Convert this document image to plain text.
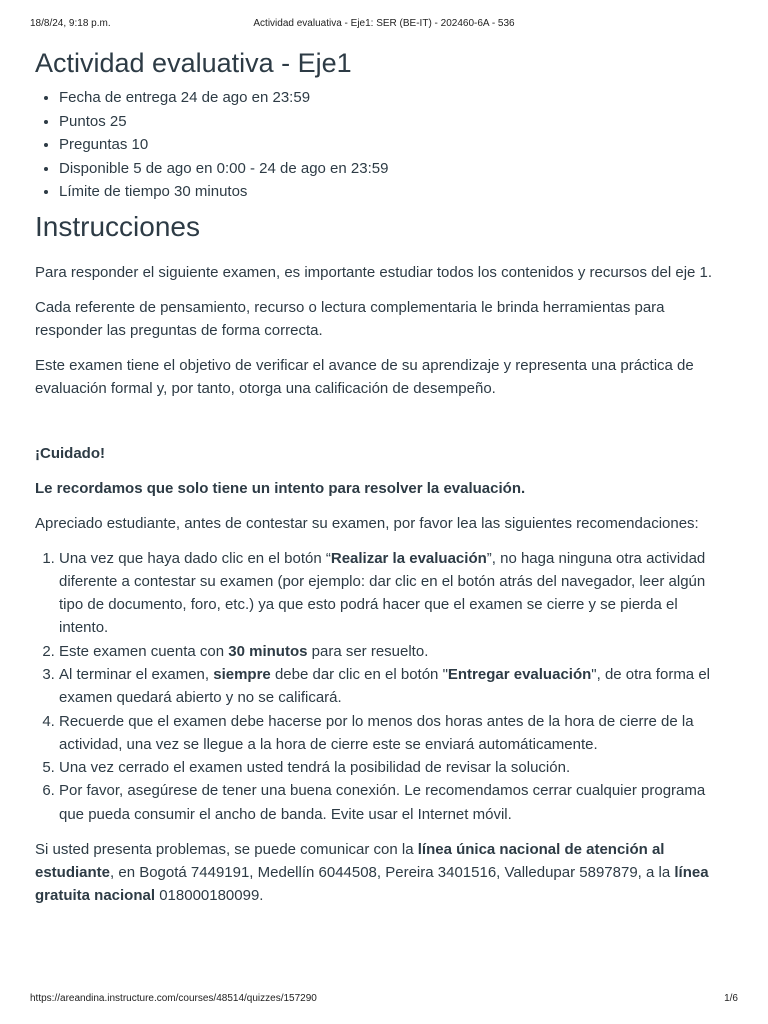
18/8/24, 9:18 p.m.	Actividad evaluativa - Eje1: SER (BE-IT) - 202460-6A - 536
Actividad evaluativa - Eje1
• Fecha de entrega 24 de ago en 23:59
• Puntos 25
• Preguntas 10
• Disponible 5 de ago en 0:00 - 24 de ago en 23:59
• Límite de tiempo 30 minutos
Instrucciones

Para responder el siguiente examen, es importante estudiar todos los contenidos y recursos del eje 1.

Cada referente de pensamiento, recurso o lectura complementaria le brinda herramientas para responder las preguntas de forma correcta.

Este examen tiene el objetivo de verificar el avance de su aprendizaje y representa una práctica de evaluación formal y, por tanto, otorga una calificación de desempeño.

¡Cuidado!

Le recordamos que solo tiene un intento para resolver la evaluación.

Apreciado estudiante, antes de contestar su examen, por favor lea las siguientes recomendaciones:

1. Una vez que haya dado clic en el botón “Realizar la evaluación”, no haga ninguna otra actividad diferente a contestar su examen (por ejemplo: dar clic en el botón atrás del navegador, leer algún tipo de documento, foro, etc.) ya que esto podrá hacer que el examen se cierre y se pierda el intento.
2. Este examen cuenta con 30 minutos para ser resuelto.
3. Al terminar el examen, siempre debe dar clic en el botón "Entregar evaluación", de otra forma el examen quedará abierto y no se calificará.
4. Recuerde que el examen debe hacerse por lo menos dos horas antes de la hora de cierre de la actividad, una vez se llegue a la hora de cierre este se enviará automáticamente.
5. Una vez cerrado el examen usted tendrá la posibilidad de revisar la solución.
6. Por favor, asegúrese de tener una buena conexión. Le recomendamos cerrar cualquier programa que pueda consumir el ancho de banda. Evite usar el Internet móvil.

Si usted presenta problemas, se puede comunicar con la línea única nacional de atención al estudiante, en Bogotá 7449191, Medellín 6044508, Pereira 3401516, Valledupar 5897879, a la línea gratuita nacional 018000180099.

https://areandina.instructure.com/courses/48514/quizzes/157290	1/6
